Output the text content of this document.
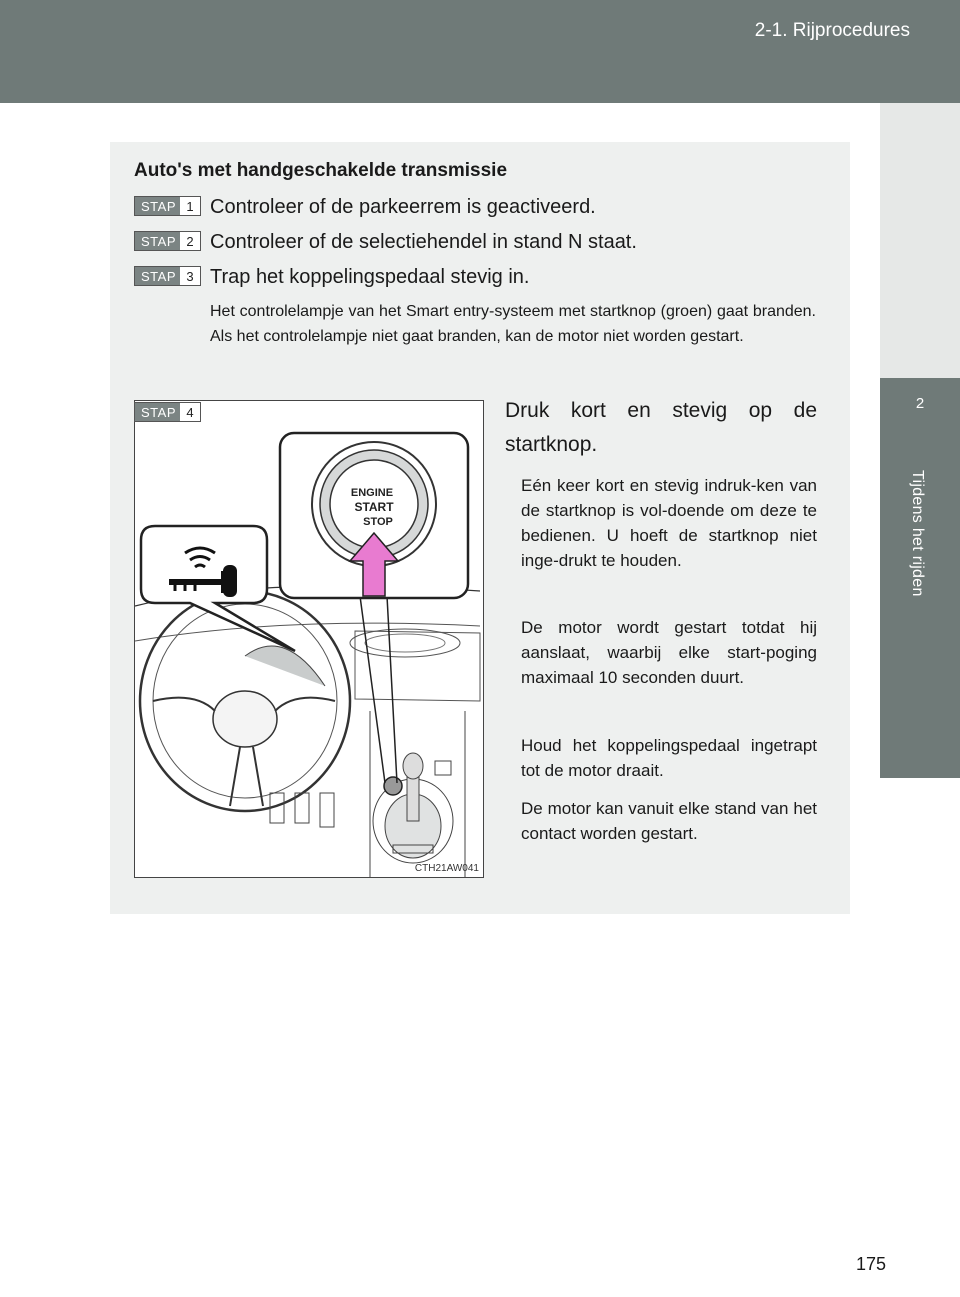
2-1. Rijprocedures
2
Tijdens het rijden
Auto's met handgeschakelde transmissie
STAP 1 Controleer of de parkeerrem is geactiveerd.
STAP 2 Controleer of de selectiehendel in stand N staat.
STAP 3 Trap het koppelingspedaal stevig in.
Het controlelampje van het Smart entry-systeem met startknop (groen) gaat branden. Als het controlelampje niet gaat branden, kan de motor niet worden gestart.
ENGINE
START
STOP
CTH21AW041
STAP 4	Druk kort en stevig op de startknop.
Eén keer kort en stevig indruk-ken van de startknop is vol-doende om deze te bedienen. U hoeft de startknop niet inge-drukt te houden.
De motor wordt gestart totdat hij aanslaat, waarbij elke start-poging maximaal 10 seconden duurt.
Houd het koppelingspedaal ingetrapt tot de motor draait.
De motor kan vanuit elke stand van het contact worden gestart.
175
